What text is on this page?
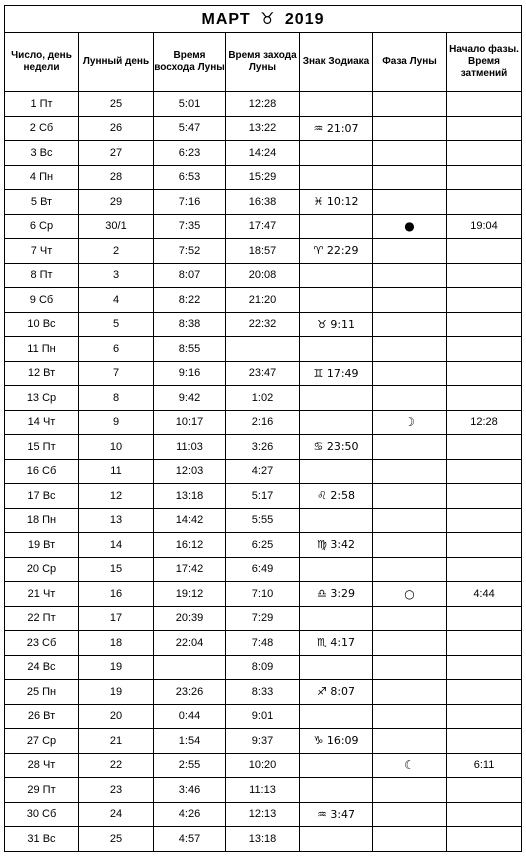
МАРТ ♉ 2019						
Число, день недели	Лунный день	Время восхода Луны	Время захода Луны	Знак Зодиака	Фаза Луны	Начало фазы. Время затмений
1 Пт	25	5:01	12:28			
2 Сб	26	5:47	13:22	♒ 21:07		
3 Вс	27	6:23	14:24			
4 Пн	28	6:53	15:29			
5 Вт	29	7:16	16:38	♓ 10:12		
6 Ср	30/1	7:35	17:47		●	19:04
7 Чт	2	7:52	18:57	♈ 22:29		
8 Пт	3	8:07	20:08			
9 Сб	4	8:22	21:20			
10 Вс	5	8:38	22:32	♉ 9:11		
11 Пн	6	8:55				
12 Вт	7	9:16	23:47	♊ 17:49		
13 Ср	8	9:42	1:02			
14 Чт	9	10:17	2:16		☽	12:28
15 Пт	10	11:03	3:26	♋ 23:50		
16 Сб	11	12:03	4:27			
17 Вс	12	13:18	5:17	♌ 2:58		
18 Пн	13	14:42	5:55			
19 Вт	14	16:12	6:25	♍ 3:42		
20 Ср	15	17:42	6:49			
21 Чт	16	19:12	7:10	♎ 3:29	○	4:44
22 Пт	17	20:39	7:29			
23 Сб	18	22:04	7:48	♏ 4:17		
24 Вс	19		8:09			
25 Пн	19	23:26	8:33	♐ 8:07		
26 Вт	20	0:44	9:01			
27 Ср	21	1:54	9:37	♑ 16:09		
28 Чт	22	2:55	10:20		☾	6:11
29 Пт	23	3:46	11:13			
30 Сб	24	4:26	12:13	♒ 3:47		
31 Вс	25	4:57	13:18			
